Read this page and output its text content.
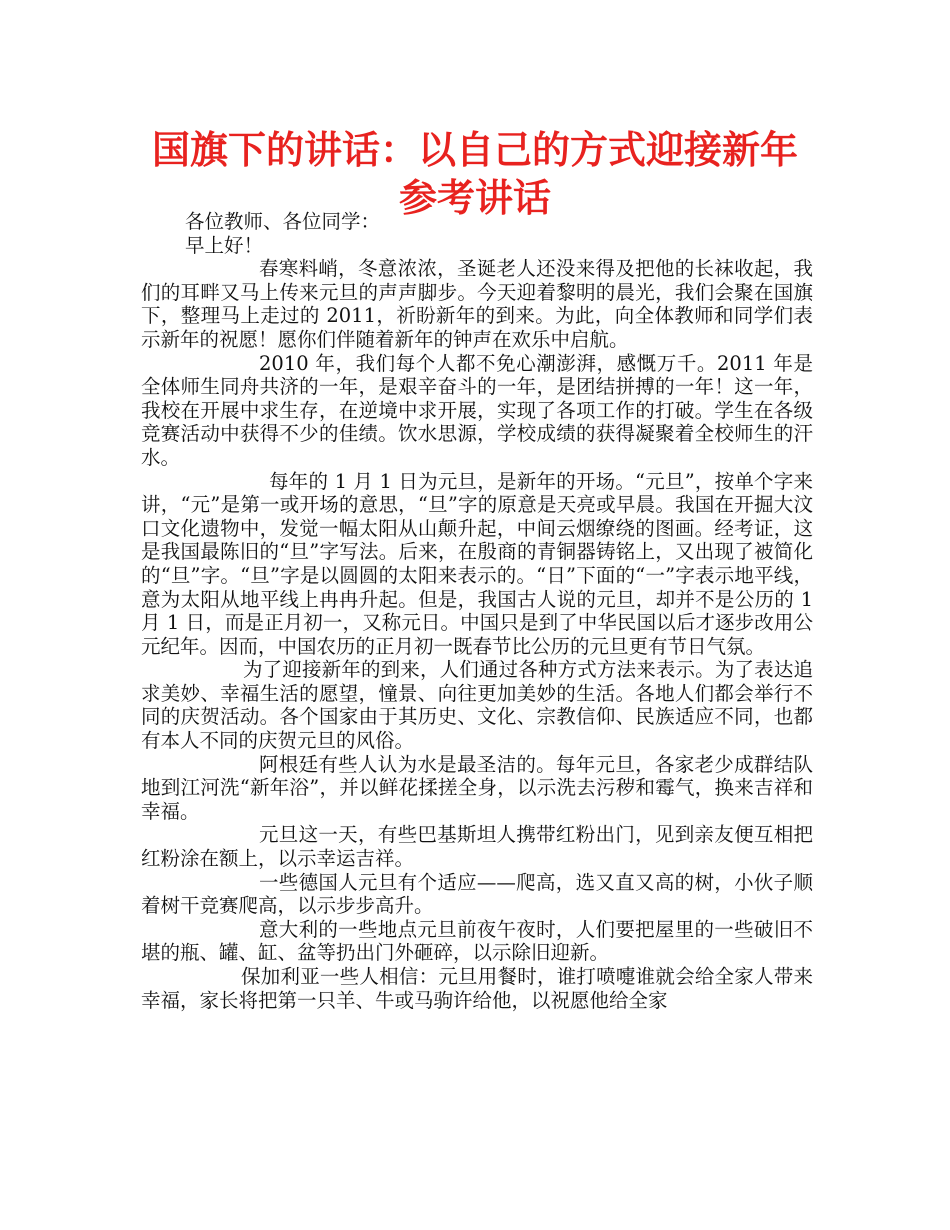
国旗下的讲话：以自己的方式迎接新年参考讲话

各位教师、各位同学：

早上好！

春寒料峭，冬意浓浓，圣诞老人还没来得及把他的长袜收起，我们的耳畔又马上传来元旦的声声脚步。今天迎着黎明的晨光，我们会聚在国旗下，整理马上走过的 2011，祈盼新年的到来。为此，向全体教师和同学们表示新年的祝愿！愿你们伴随着新年的钟声在欢乐中启航。

2010 年，我们每个人都不免心潮澎湃，感慨万千。2011 年是全体师生同舟共济的一年，是艰辛奋斗的一年，是团结拼搏的一年！这一年，我校在开展中求生存，在逆境中求开展，实现了各项工作的打破。学生在各级竞赛活动中获得不少的佳绩。饮水思源，学校成绩的获得凝聚着全校师生的汗水。

每年的 1 月 1 日为元旦，是新年的开场。“元旦”，按单个字来讲，“元”是第一或开场的意思，“旦”字的原意是天亮或早晨。我国在开掘大汶口文化遗物中，发觉一幅太阳从山颠升起，中间云烟缭绕的图画。经考证，这是我国最陈旧的“旦”字写法。后来，在殷商的青铜器铸铭上，又出现了被简化的“旦”字。“旦”字是以圆圆的太阳来表示的。“日”下面的“一”字表示地平线，意为太阳从地平线上冉冉升起。但是，我国古人说的元旦，却并不是公历的 1 月 1 日，而是正月初一，又称元日。中国只是到了中华民国以后才逐步改用公元纪年。因而，中国农历的正月初一既春节比公历的元旦更有节日气氛。

为了迎接新年的到来，人们通过各种方式方法来表示。为了表达追求美妙、幸福生活的愿望，憧景、向往更加美妙的生活。各地人们都会举行不同的庆贺活动。各个国家由于其历史、文化、宗教信仰、民族适应不同，也都有本人不同的庆贺元旦的风俗。

阿根廷有些人认为水是最圣洁的。每年元旦，各家老少成群结队地到江河洗“新年浴”，并以鲜花揉搓全身，以示洗去污秽和霉气，换来吉祥和幸福。

元旦这一天，有些巴基斯坦人携带红粉出门，见到亲友便互相把红粉涂在额上，以示幸运吉祥。

一些德国人元旦有个适应——爬高，选又直又高的树，小伙子顺着树干竞赛爬高，以示步步高升。

意大利的一些地点元旦前夜午夜时，人们要把屋里的一些破旧不堪的瓶、罐、缸、盆等扔出门外砸碎，以示除旧迎新。

保加利亚一些人相信：元旦用餐时，谁打喷嚏谁就会给全家人带来幸福，家长将把第一只羊、牛或马驹许给他，以祝愿他给全家
